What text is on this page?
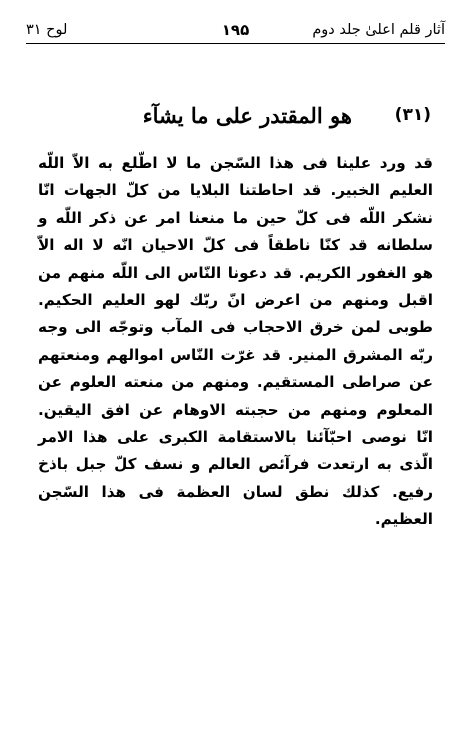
آثار قلم اعلیٰ جلد دوم
۱۹۵
لوح ۳۱
(۳۱)
هو المقتدر على ما يشآء

قد ورد علينا فی هذا السّجن ما لا اطّلع به الاّ اللّه العليم الخبير. قد احاطتنا البلايا من كلّ الجهات انّا نشكر اللّه فی كلّ حين ما منعنا امر عن ذكر اللّه و سلطانه قد كنّا ناطقاً فی كلّ الاحيان انّه لا اله الاّ هو الغفور الكريم. قد دعونا النّاس الى اللّه منهم من اقبل ومنهم من اعرض انّ ربّك لهو العليم الحكيم. طوبى لمن خرق الاحجاب فی المآب وتوجّه الى وجه ربّه المشرق المنير. قد غرّت النّاس اموالهم ومنعتهم عن صراطی المستقيم. ومنهم من منعته العلوم عن المعلوم ومنهم من حجبته الاوهام عن افق اليقين. انّا نوصی احبّآئنا بالاستقامة الكبرى على هذا الامر الّذی به ارتعدت فرآئص العالم و نسف كلّ جبل باذخ رفيع. كذلك نطق لسان العظمة فی هذا السّجن العظيم.
